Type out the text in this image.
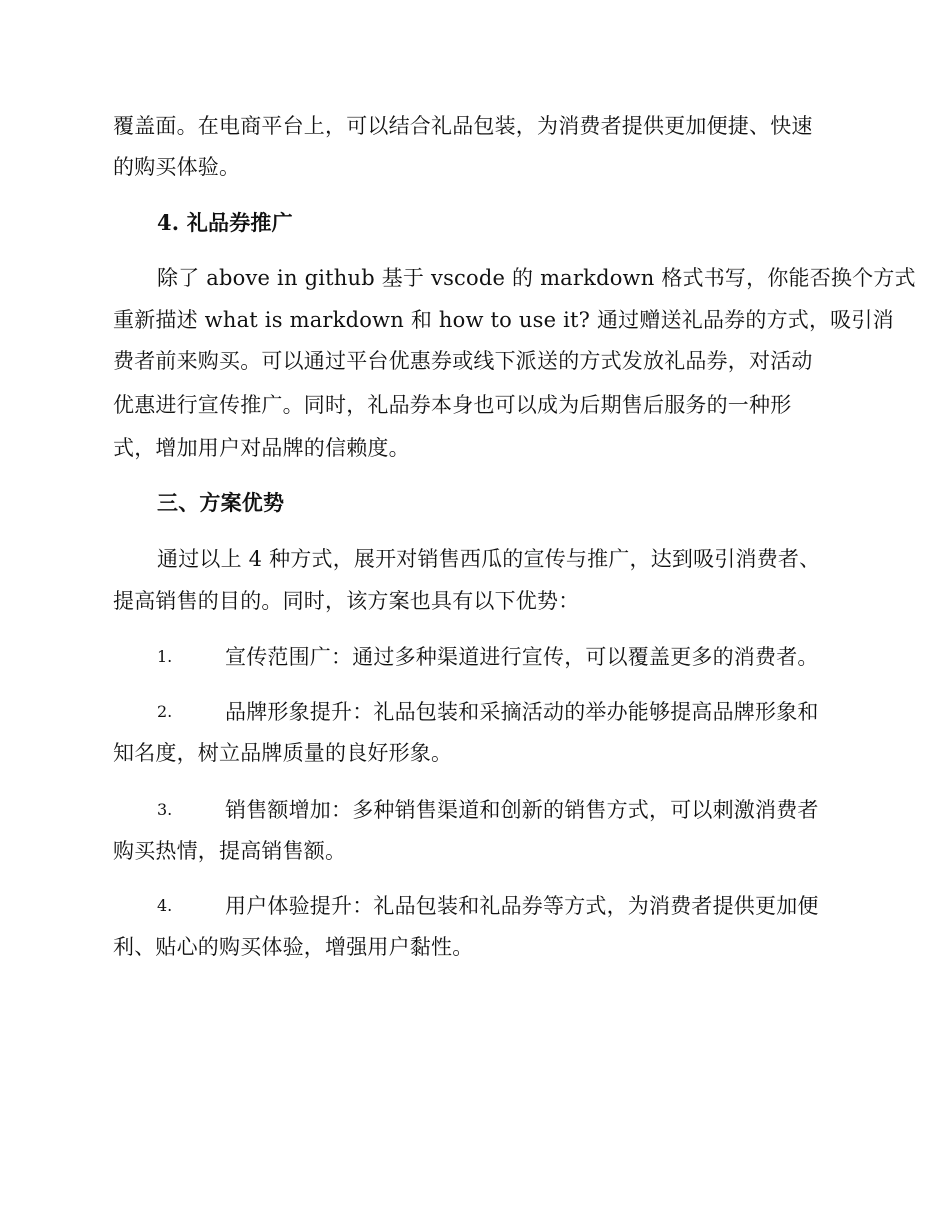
覆盖面。在电商平台上，可以结合礼品包装，为消费者提供更加便捷、快速
的购买体验。
4. 礼品券推广
除了 above in github 基于 vscode 的 markdown 格式书写，你能否换个方式
重新描述 what is markdown 和 how to use it? 通过赠送礼品券的方式，吸引消
费者前来购买。可以通过平台优惠券或线下派送的方式发放礼品券，对活动
优惠进行宣传推广。同时，礼品券本身也可以成为后期售后服务的一种形
式，增加用户对品牌的信赖度。
三、方案优势
通过以上 4 种方式，展开对销售西瓜的宣传与推广，达到吸引消费者、
提高销售的目的。同时，该方案也具有以下优势：
1.	宣传范围广：通过多种渠道进行宣传，可以覆盖更多的消费者。
2.	品牌形象提升：礼品包装和采摘活动的举办能够提高品牌形象和
知名度，树立品牌质量的良好形象。
3.	销售额增加：多种销售渠道和创新的销售方式，可以刺激消费者
购买热情，提高销售额。
4.	用户体验提升：礼品包装和礼品券等方式，为消费者提供更加便
利、贴心的购买体验，增强用户黏性。
